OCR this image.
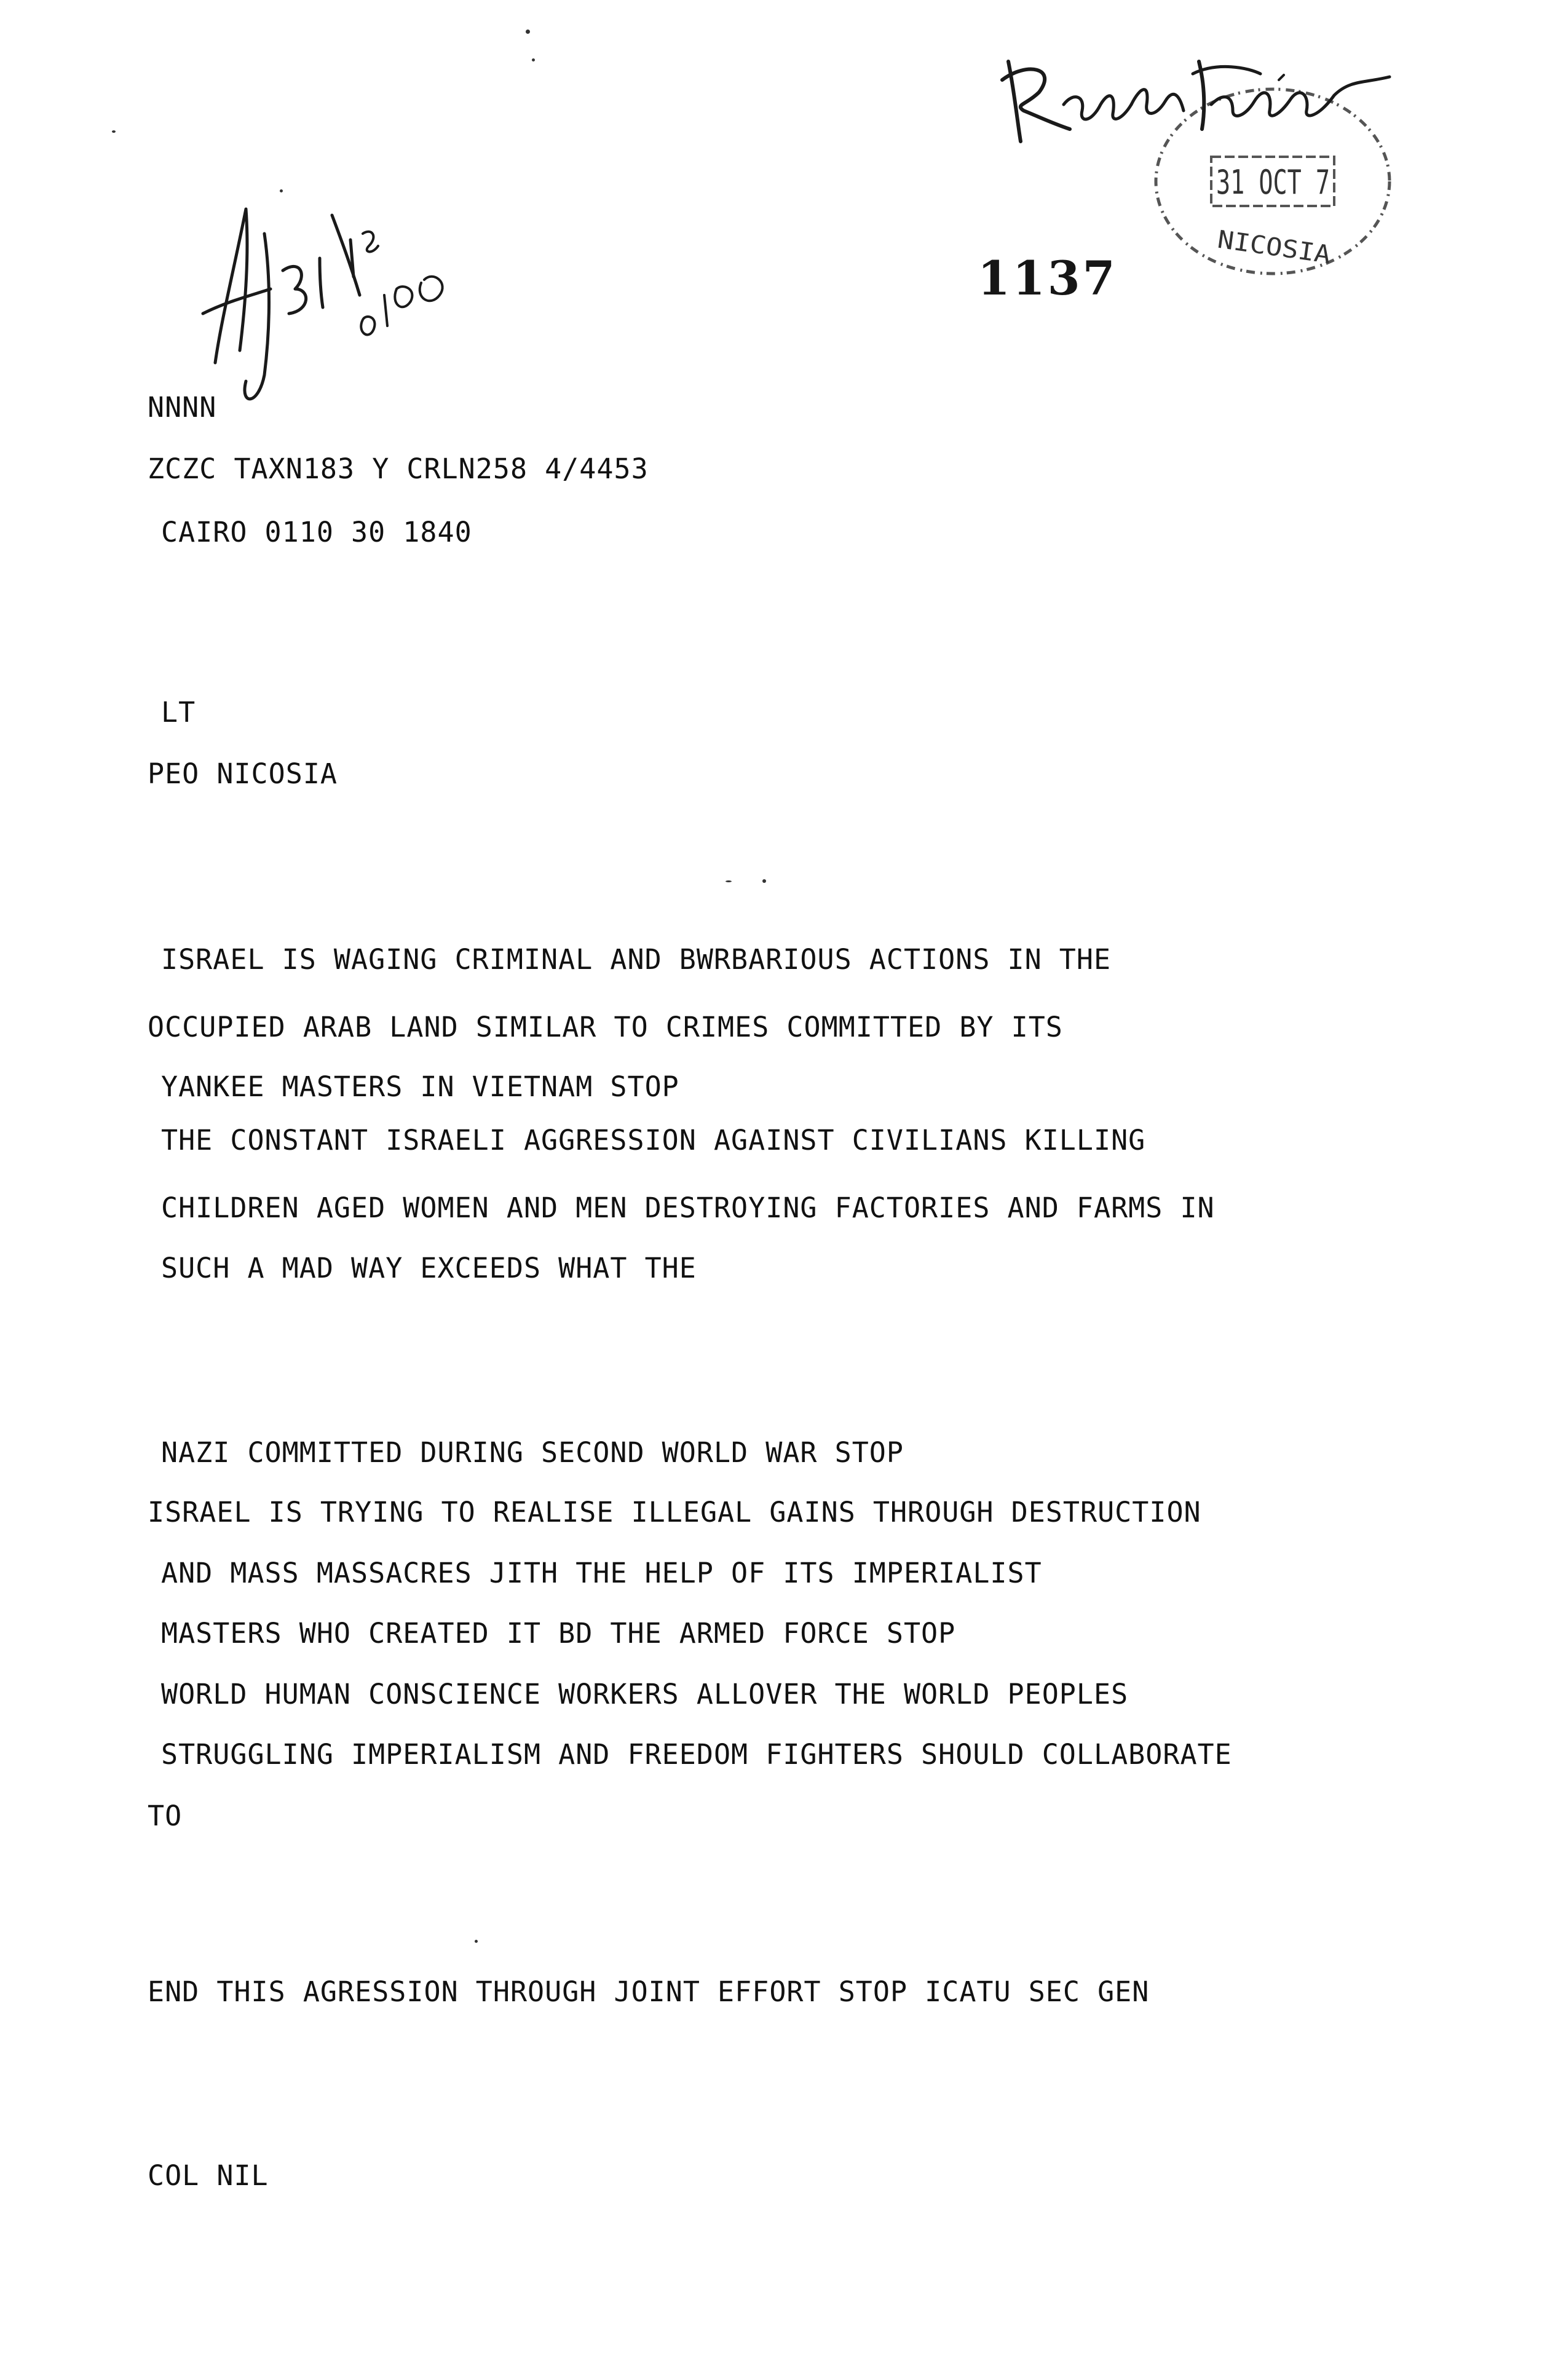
NNNN
ZCZC TAXN183 Y CRLN258 4/4453
CAIRO 0110 30 1840
LT
PEO NICOSIA
ISRAEL IS WAGING CRIMINAL AND BWRBARIOUS ACTIONS IN THE
OCCUPIED ARAB LAND SIMILAR TO CRIMES COMMITTED BY ITS
YANKEE MASTERS IN VIETNAM STOP
THE CONSTANT ISRAELI AGGRESSION AGAINST CIVILIANS KILLING
CHILDREN AGED WOMEN AND MEN DESTROYING FACTORIES AND FARMS IN
SUCH A MAD WAY EXCEEDS WHAT THE
NAZI COMMITTED DURING SECOND WORLD WAR STOP
ISRAEL IS TRYING TO REALISE ILLEGAL GAINS THROUGH DESTRUCTION
AND MASS MASSACRES JITH THE HELP OF ITS IMPERIALIST
MASTERS WHO CREATED IT BD THE ARMED FORCE STOP
WORLD HUMAN CONSCIENCE WORKERS ALLOVER THE WORLD PEOPLES
STRUGGLING IMPERIALISM AND FREEDOM FIGHTERS SHOULD COLLABORATE
TO
END THIS AGRESSION THROUGH JOINT EFFORT STOP ICATU SEC GEN
COL NIL
1137
31 OCT 7
NICOSIA
